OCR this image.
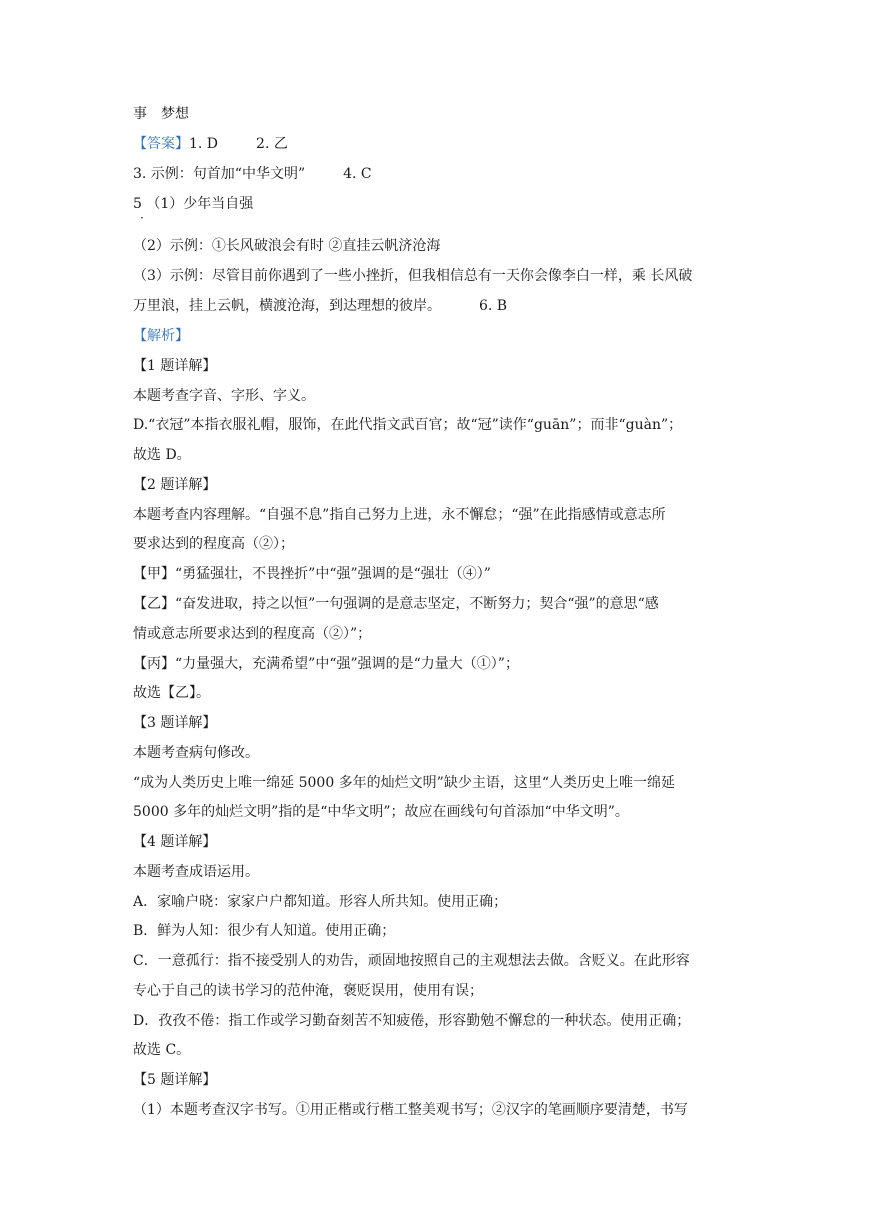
事　梦想
【答案】1. D	2. 乙
3. 示例：句首加“中华文明”	4. C
5 （1）少年当自强
·
（2）示例：①长风破浪会有时 ②直挂云帆济沧海
（3）示例：尽管目前你遇到了一些小挫折，但我相信总有一天你会像李白一样，乘 长风破
万里浪，挂上云帆，横渡沧海，到达理想的彼岸。	6. B
【解析】
【1 题详解】
本题考查字音、字形、字义。
D.“衣冠”本指衣服礼帽，服饰，在此代指文武百官；故“冠”读作“guān”；而非“guàn”；
故选 D。
【2 题详解】
本题考查内容理解。“自强不息”指自己努力上进，永不懈怠；“强”在此指感情或意志所
要求达到的程度高（②）；
【甲】“勇猛强壮，不畏挫折”中“强”强调的是“强壮（④）”
【乙】“奋发进取，持之以恒”一句强调的是意志坚定，不断努力；契合“强”的意思“感
情或意志所要求达到的程度高（②）”；
【丙】“力量强大，充满希望”中“强”强调的是“力量大（①）”；
故选【乙】。
【3 题详解】
本题考查病句修改。
“成为人类历史上唯一绵延 5000 多年的灿烂文明”缺少主语，这里“人类历史上唯一绵延
5000 多年的灿烂文明”指的是“中华文明”；故应在画线句句首添加“中华文明”。
【4 题详解】
本题考查成语运用。
A．家喻户晓：家家户户都知道。形容人所共知。使用正确；
B．鲜为人知：很少有人知道。使用正确；
C．一意孤行：指不接受别人的劝告，顽固地按照自己的主观想法去做。含贬义。在此形容
专心于自己的读书学习的范仲淹，褒贬误用，使用有误；
D．孜孜不倦：指工作或学习勤奋刻苦不知疲倦，形容勤勉不懈怠的一种状态。使用正确；
故选 C。
【5 题详解】
（1）本题考查汉字书写。①用正楷或行楷工整美观书写；②汉字的笔画顺序要清楚，书写
